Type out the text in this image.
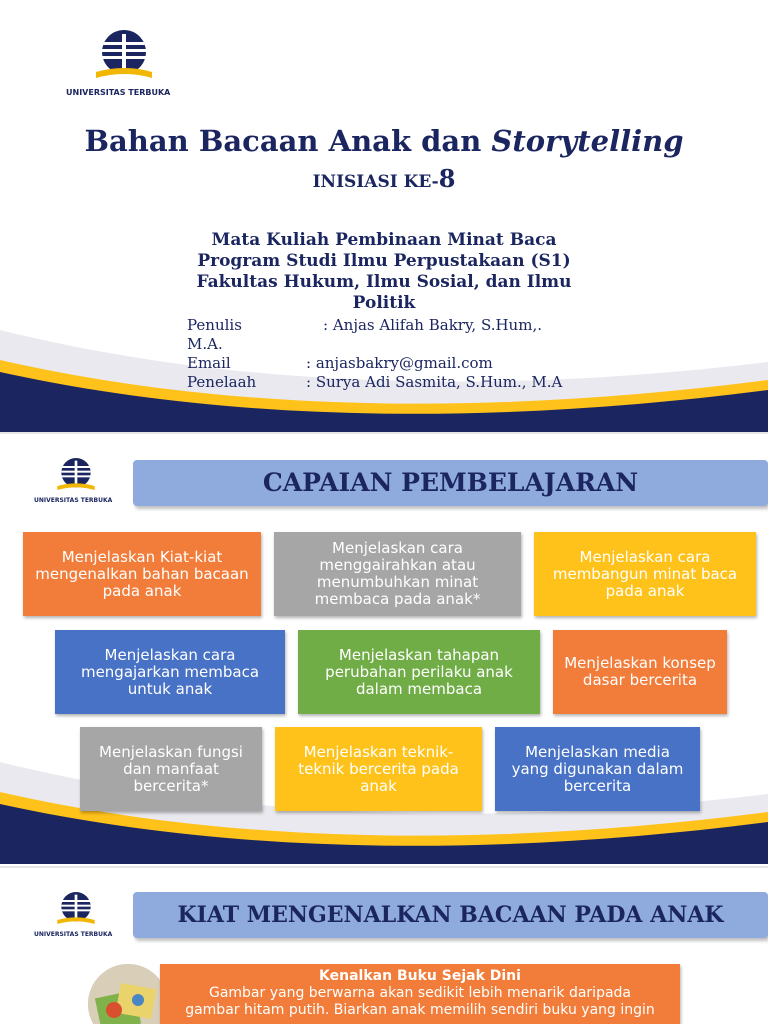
UNIVERSITAS TERBUKA
Bahan Bacaan Anak dan Storytelling
INISIASI KE-8
Mata Kuliah Pembinaan Minat Baca
Program Studi Ilmu Perpustakaan (S1)
Fakultas Hukum, Ilmu Sosial, dan Ilmu
Politik
Penulis	: Anjas Alifah Bakry, S.Hum,.
M.A.
Email	: anjasbakry@gmail.com
Penelaah	: Surya Adi Sasmita, S.Hum., M.A
UNIVERSITAS TERBUKA
CAPAIAN PEMBELAJARAN
Menjelaskan Kiat-kiat mengenalkan bahan bacaan pada anak
Menjelaskan cara menggairahkan atau menumbuhkan minat membaca pada anak*
Menjelaskan cara membangun minat baca pada anak
Menjelaskan cara mengajarkan membaca untuk anak
Menjelaskan tahapan perubahan perilaku anak dalam membaca
Menjelaskan konsep dasar bercerita
Menjelaskan fungsi dan manfaat bercerita*
Menjelaskan teknik-teknik bercerita pada anak
Menjelaskan media yang digunakan dalam bercerita
UNIVERSITAS TERBUKA
KIAT MENGENALKAN BACAAN PADA ANAK
Kenalkan Buku Sejak Dini
Gambar yang berwarna akan sedikit lebih menarik daripada
gambar hitam putih. Biarkan anak memilih sendiri buku yang ingin
